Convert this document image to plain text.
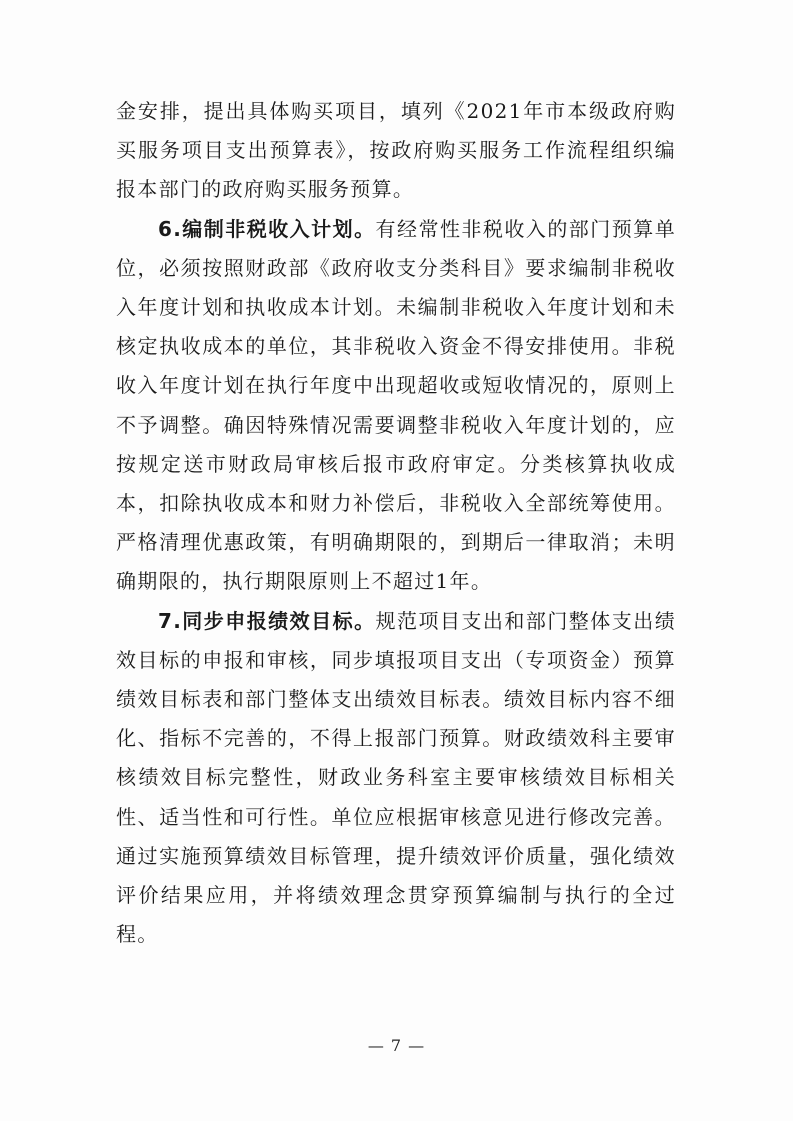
金安排，提出具体购买项目，填列《2021年市本级政府购买服务项目支出预算表》，按政府购买服务工作流程组织编报本部门的政府购买服务预算。

6.编制非税收入计划。有经常性非税收入的部门预算单位，必须按照财政部《政府收支分类科目》要求编制非税收入年度计划和执收成本计划。未编制非税收入年度计划和未核定执收成本的单位，其非税收入资金不得安排使用。非税收入年度计划在执行年度中出现超收或短收情况的，原则上不予调整。确因特殊情况需要调整非税收入年度计划的，应按规定送市财政局审核后报市政府审定。分类核算执收成本，扣除执收成本和财力补偿后，非税收入全部统筹使用。严格清理优惠政策，有明确期限的，到期后一律取消；未明确期限的，执行期限原则上不超过1年。

7.同步申报绩效目标。规范项目支出和部门整体支出绩效目标的申报和审核，同步填报项目支出（专项资金）预算绩效目标表和部门整体支出绩效目标表。绩效目标内容不细化、指标不完善的，不得上报部门预算。财政绩效科主要审核绩效目标完整性，财政业务科室主要审核绩效目标相关性、适当性和可行性。单位应根据审核意见进行修改完善。通过实施预算绩效目标管理，提升绩效评价质量，强化绩效评价结果应用，并将绩效理念贯穿预算编制与执行的全过程。

— 7 —
